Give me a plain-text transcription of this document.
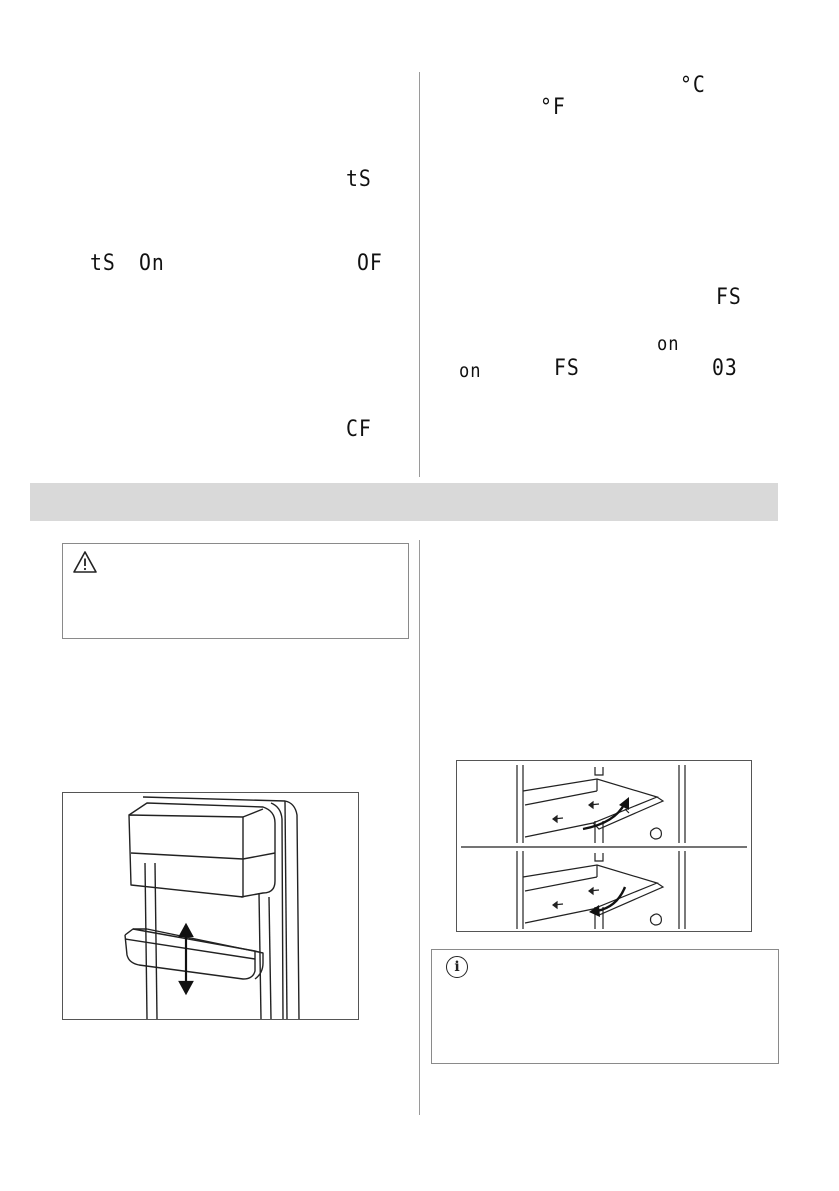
tS
tS On	OF
CF
°C
°F
FS
on
on	FS	03
i
